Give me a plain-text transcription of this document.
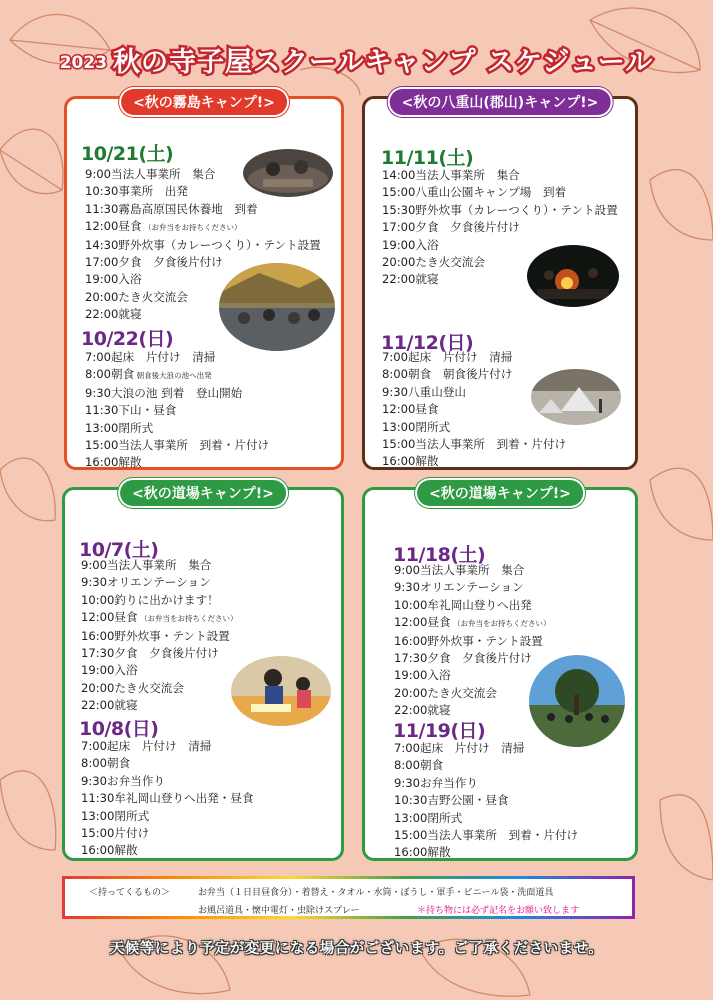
2023 秋の寺子屋スクールキャンプ スケジュール
<秋の霧島キャンプ!>
10/21(土)
9:00当法人事業所　集合
10:30事業所　出発
11:30霧島高原国民休養地　到着
12:00昼食 （お弁当をお持ちください）
14:30野外炊事（カレーつくり）・テント設置
17:00夕食　夕食後片付け
19:00入浴
20:00たき火交流会
22:00就寝
10/22(日)
7:00起床　片付け　清掃
8:00朝食 朝食後大浪の池へ出発
9:30大浪の池 到着　登山開始
11:30下山・昼食
13:00閉所式
15:00当法人事業所　到着・片付け
16:00解散
<秋の八重山(郡山)キャンプ!>
11/11(土)
14:00当法人事業所　集合
15:00八重山公園キャンプ場　到着
15:30野外炊事（カレーつくり）・テント設置
17:00夕食　夕食後片付け
19:00入浴
20:00たき火交流会
22:00就寝
11/12(日)
7:00起床　片付け　清掃
8:00朝食　朝食後片付け
9:30八重山登山
12:00昼食
13:00閉所式
15:00当法人事業所　到着・片付け
16:00解散
<秋の道場キャンプ!>
10/7(土)
9:00当法人事業所　集合
9:30オリエンテーション
10:00釣りに出かけます！
12:00昼食 （お弁当をお持ちください）
16:00野外炊事・テント設置
17:30夕食　夕食後片付け
19:00入浴
20:00たき火交流会
22:00就寝
10/8(日)
7:00起床　片付け　清掃
8:00朝食
9:30お弁当作り
11:30牟礼岡山登りへ出発・昼食
13:00閉所式
15:00片付け
16:00解散
<秋の道場キャンプ!>
11/18(土)
9:00当法人事業所　集合
9:30オリエンテーション
10:00牟礼岡山登りへ出発
12:00昼食 （お弁当をお持ちください）
16:00野外炊事・テント設置
17:30夕食　夕食後片付け
19:00入浴
20:00たき火交流会
22:00就寝
11/19(日)
7:00起床　片付け　清掃
8:00朝食
9:30お弁当作り
10:30吉野公園・昼食
13:00閉所式
15:00当法人事業所　到着・片付け
16:00解散
＜持ってくるもの＞	お弁当（１日目昼食分）・着替え・タオル・水筒・ぼうし・軍手・ビニール袋・洗面道具
お風呂道具・懐中電灯・虫除けスプレー	＊持ち物には必ず記名をお願い致します
天候等により予定が変更になる場合がございます。ご了承くださいませ。
